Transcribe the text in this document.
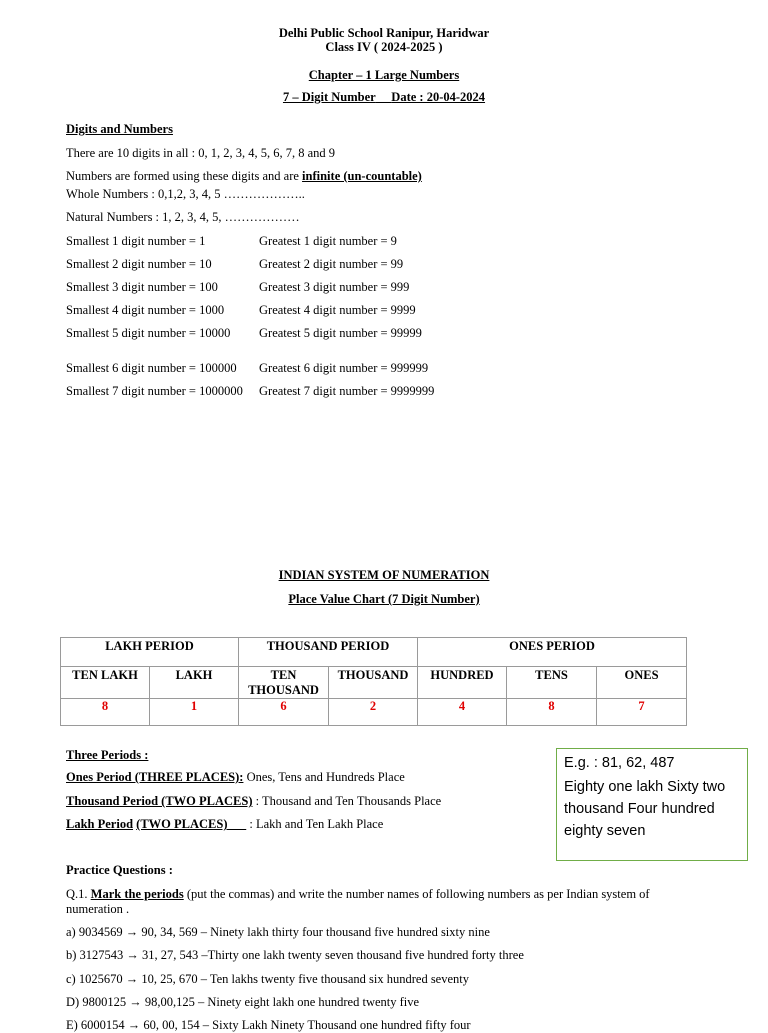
Delhi Public School Ranipur, Haridwar
Class IV ( 2024-2025 )
Chapter – 1 Large Numbers
7 – Digit Number Date : 20-04-2024
Digits and Numbers
There are 10 digits in all : 0, 1, 2, 3, 4, 5, 6, 7, 8 and 9
Numbers are formed using these digits and are infinite (un-countable)
Whole Numbers : 0,1,2, 3, 4, 5 ………………..
Natural Numbers : 1, 2, 3, 4, 5, ………………
Smallest 1 digit number = 1	Greatest 1 digit number = 9
Smallest 2 digit number = 10	Greatest 2 digit number = 99
Smallest 3 digit number = 100	Greatest 3 digit number = 999
Smallest 4 digit number = 1000	Greatest 4 digit number = 9999
Smallest 5 digit number = 10000 Greatest 5 digit number = 99999
Smallest 6 digit number = 100000 Greatest 6 digit number = 999999
Smallest 7 digit number = 1000000 Greatest 7 digit number = 9999999
INDIAN SYSTEM OF NUMERATION
Place Value Chart (7 Digit Number)
LAKH PERIOD		THOUSAND PERIOD		ONES PERIOD		
TEN LAKH	LAKH	TEN THOUSAND	THOUSAND	HUNDRED	TENS	ONES
8	1	6	2	4	8	7
Three Periods :
Ones Period (THREE PLACES): Ones, Tens and Hundreds Place
Thousand Period (TWO PLACES) : Thousand and Ten Thousands Place
Lakh Period (TWO PLACES)       : Lakh and Ten Lakh Place
E.g. : 81, 62, 487
Eighty one lakh Sixty two
thousand Four hundred
eighty seven
Practice Questions :
Q.1. Mark the periods (put the commas) and write the number names of following numbers as per Indian system of
numeration .
a) 9034569 → 90, 34, 569 – Ninety lakh thirty four thousand five hundred sixty nine
b) 3127543 → 31, 27, 543 –Thirty one lakh twenty seven thousand five hundred forty three
c) 1025670 → 10, 25, 670 – Ten lakhs twenty five thousand six hundred seventy
D) 9800125 → 98,00,125 – Ninety eight lakh one hundred twenty five
E) 6000154 → 60, 00, 154 – Sixty Lakh Ninety Thousand one hundred fifty four
